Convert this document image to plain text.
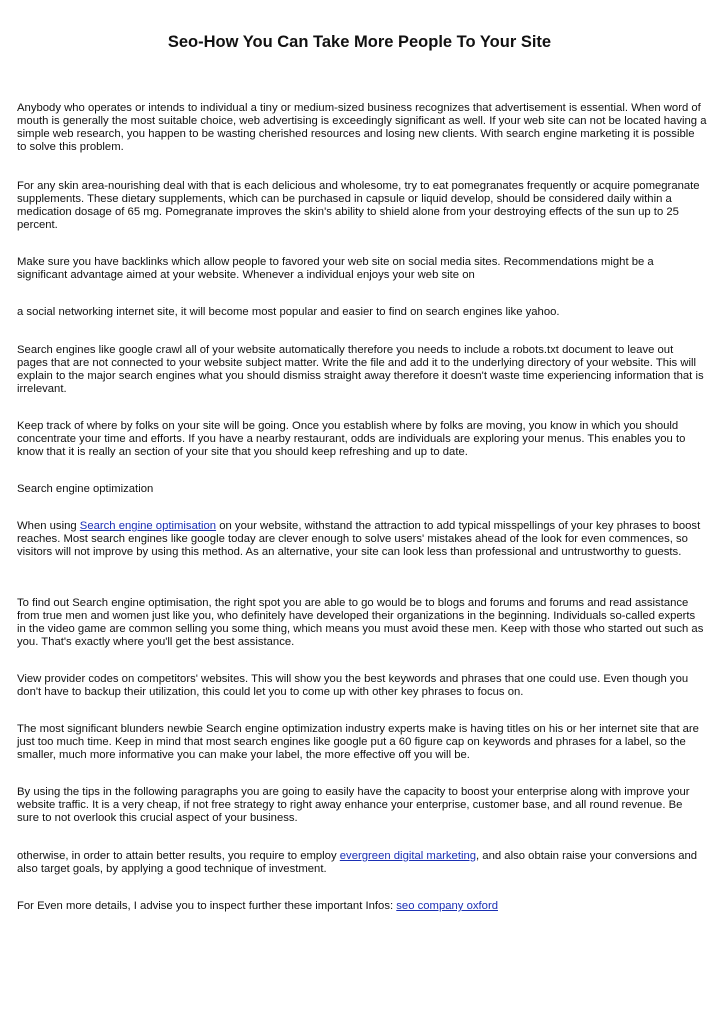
Seo-How You Can Take More People To Your Site

Anybody who operates or intends to individual a tiny or medium-sized business recognizes that advertisement is essential. When word of mouth is generally the most suitable choice, web advertising is exceedingly significant as well. If your web site can not be located having a simple web research, you happen to be wasting cherished resources and losing new clients. With search engine marketing it is possible to solve this problem.

For any skin area-nourishing deal with that is each delicious and wholesome, try to eat pomegranates frequently or acquire pomegranate supplements. These dietary supplements, which can be purchased in capsule or liquid develop, should be considered daily within a medication dosage of 65 mg. Pomegranate improves the skin's ability to shield alone from your destroying effects of the sun up to 25 percent.

Make sure you have backlinks which allow people to favored your web site on social media sites. Recommendations might be a significant advantage aimed at your website. Whenever a individual enjoys your web site on

a social networking internet site, it will become most popular and easier to find on search engines like yahoo.

Search engines like google crawl all of your website automatically therefore you needs to include a robots.txt document to leave out pages that are not connected to your website subject matter. Write the file and add it to the underlying directory of your website. This will explain to the major search engines what you should dismiss straight away therefore it doesn't waste time experiencing information that is irrelevant.

Keep track of where by folks on your site will be going. Once you establish where by folks are moving, you know in which you should concentrate your time and efforts. If you have a nearby restaurant, odds are individuals are exploring your menus. This enables you to know that it is really an section of your site that you should keep refreshing and up to date.

Search engine optimization

When using Search engine optimisation on your website, withstand the attraction to add typical misspellings of your key phrases to boost reaches. Most search engines like google today are clever enough to solve users' mistakes ahead of the look for even commences, so visitors will not improve by using this method. As an alternative, your site can look less than professional and untrustworthy to guests.

To find out Search engine optimisation, the right spot you are able to go would be to blogs and forums and forums and read assistance from true men and women just like you, who definitely have developed their organizations in the beginning. Individuals so-called experts in the video game are common selling you some thing, which means you must avoid these men. Keep with those who started out such as you. That's exactly where you'll get the best assistance.

View provider codes on competitors' websites. This will show you the best keywords and phrases that one could use. Even though you don't have to backup their utilization, this could let you to come up with other key phrases to focus on.

The most significant blunders newbie Search engine optimization industry experts make is having titles on his or her internet site that are just too much time. Keep in mind that most search engines like google put a 60 figure cap on keywords and phrases for a label, so the smaller, much more informative you can make your label, the more effective off you will be.

By using the tips in the following paragraphs you are going to easily have the capacity to boost your enterprise along with improve your website traffic. It is a very cheap, if not free strategy to right away enhance your enterprise, customer base, and all round revenue. Be sure to not overlook this crucial aspect of your business.

otherwise, in order to attain better results, you require to employ evergreen digital marketing, and also obtain raise your conversions and also target goals, by applying a good technique of investment.

For Even more details, I advise you to inspect further these important Infos: seo company oxford
